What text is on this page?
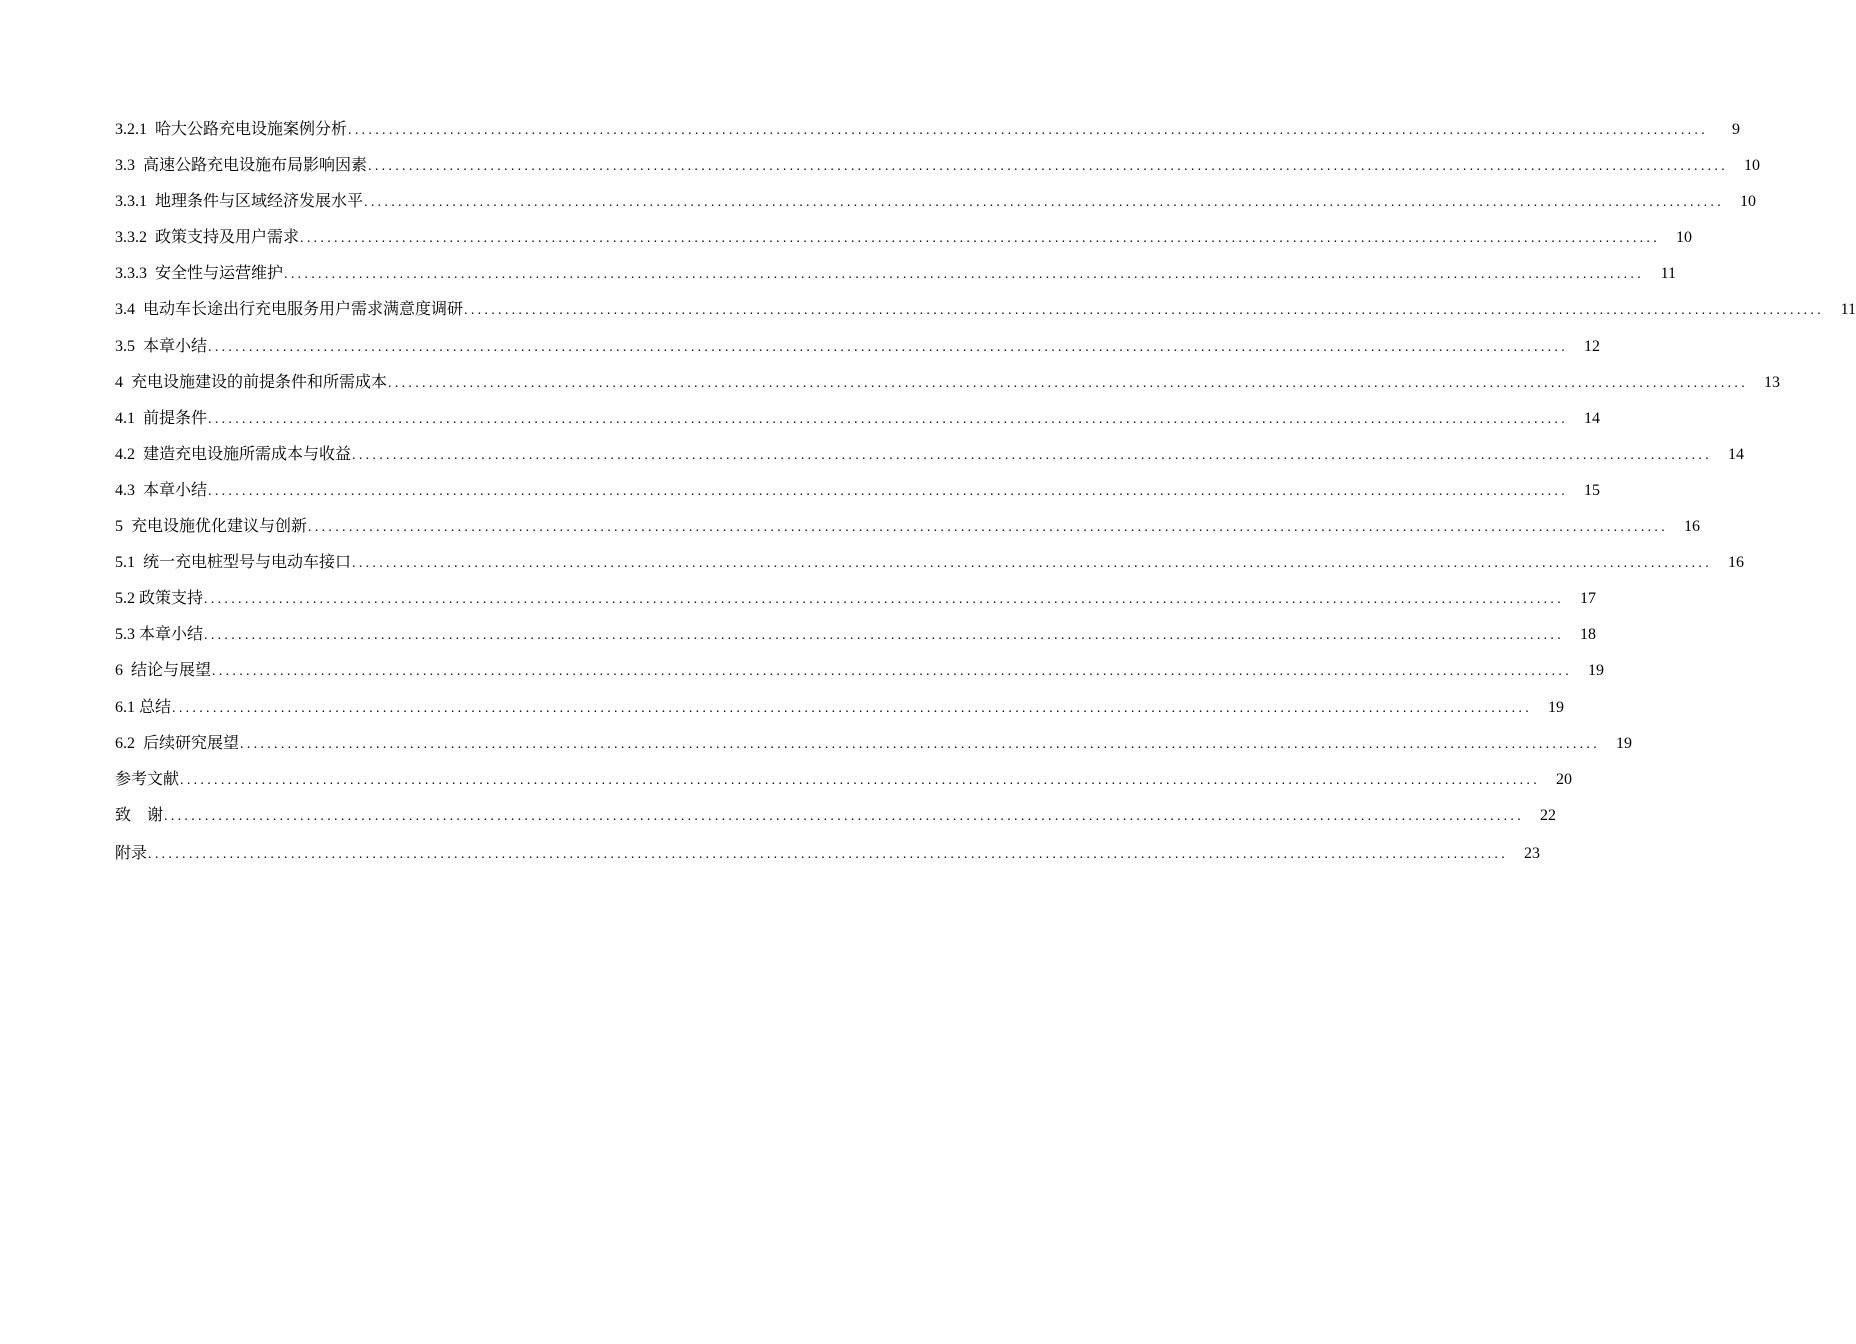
3.2.1  哈大公路充电设施案例分析 ........................................................................................................................................................................................................	9
3.3  高速公路充电设施布局影响因素 ........................................................................................................................................................................................................	10
3.3.1  地理条件与区域经济发展水平 ........................................................................................................................................................................................................	10
3.3.2  政策支持及用户需求 ........................................................................................................................................................................................................	10
3.3.3  安全性与运营维护 ........................................................................................................................................................................................................	11
3.4  电动车长途出行充电服务用户需求满意度调研 ........................................................................................................................................................................................................	11
3.5  本章小结 ........................................................................................................................................................................................................	12
4  充电设施建设的前提条件和所需成本 ........................................................................................................................................................................................................	13
4.1  前提条件 ........................................................................................................................................................................................................	14
4.2  建造充电设施所需成本与收益 ........................................................................................................................................................................................................	14
4.3  本章小结 ........................................................................................................................................................................................................	15
5  充电设施优化建议与创新 ........................................................................................................................................................................................................	16
5.1  统一充电桩型号与电动车接口 ........................................................................................................................................................................................................	16
5.2 政策支持 ........................................................................................................................................................................................................	17
5.3 本章小结 ........................................................................................................................................................................................................	18
6  结论与展望 ........................................................................................................................................................................................................	19
6.1 总结 ........................................................................................................................................................................................................	19
6.2  后续研究展望 ........................................................................................................................................................................................................	19
参考文献 ........................................................................................................................................................................................................	20
致    谢 ........................................................................................................................................................................................................	22
附录 ........................................................................................................................................................................................................	23
